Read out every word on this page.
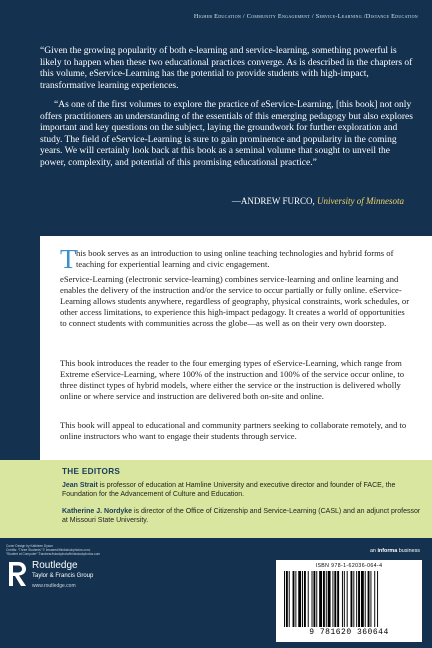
Higher Education / Community Engagement / Service-Learning /Distance Education

“Given the growing popularity of both e-learning and service-learning, something powerful is likely to happen when these two educational practices converge. As is described in the chapters of this volume, eService-Learning has the potential to provide students with high-impact, transformative learning experiences.

“As one of the first volumes to explore the practice of eService-Learning, [this book] not only offers practitioners an understanding of the essentials of this emerging pedagogy but also explores important and key questions on the subject, laying the groundwork for further exploration and study. The field of eService-Learning is sure to gain prominence and popularity in the coming years. We will certainly look back at this book as a seminal volume that sought to unveil the power, complexity, and potential of this promising educational practice.”

—ANDREW FURCO, University of Minnesota
T his book serves as an introduction to using online teaching technologies and hybrid forms of teaching for experiential learning and civic engagement.

eService-Learning (electronic service-learning) combines service-learning and online learning and enables the delivery of the instruction and/or the service to occur partially or fully online. eService-Learning allows students anywhere, regardless of geography, physical constraints, work schedules, or other access limitations, to experience this high-impact pedagogy. It creates a world of opportunities to connect students with communities across the globe—as well as on their very own doorstep.

This book introduces the reader to the four emerging types of eService-Learning, which range from Extreme eService-Learning, where 100% of the instruction and 100% of the service occur online, to three distinct types of hybrid models, where either the service or the instruction is delivered wholly online or where service and instruction are delivered both on-site and online.

This book will appeal to educational and community partners seeking to collaborate remotely, and to online instructors who want to engage their students through service.

THE EDITORS

Jean Strait is professor of education at Hamline University and executive director and founder of FACE, the Foundation for the Advancement of Culture and Education.

Katherine J. Nordyke is director of the Office of Citizenship and Service-Learning (CASL) and an adjunct professor at Missouri State University.

Cover Design by Kathleen Dyson
Credits: “Three Students” © imsaeed/thinkstockphotos.com;
“Student at Computer” ©andresr/istockphoto/thinkstockphotos.com
Routledge
Taylor & Francis Group
www.routledge.com
an informa business
ISBN 978-1-62036-064-4
9 781620 360644
